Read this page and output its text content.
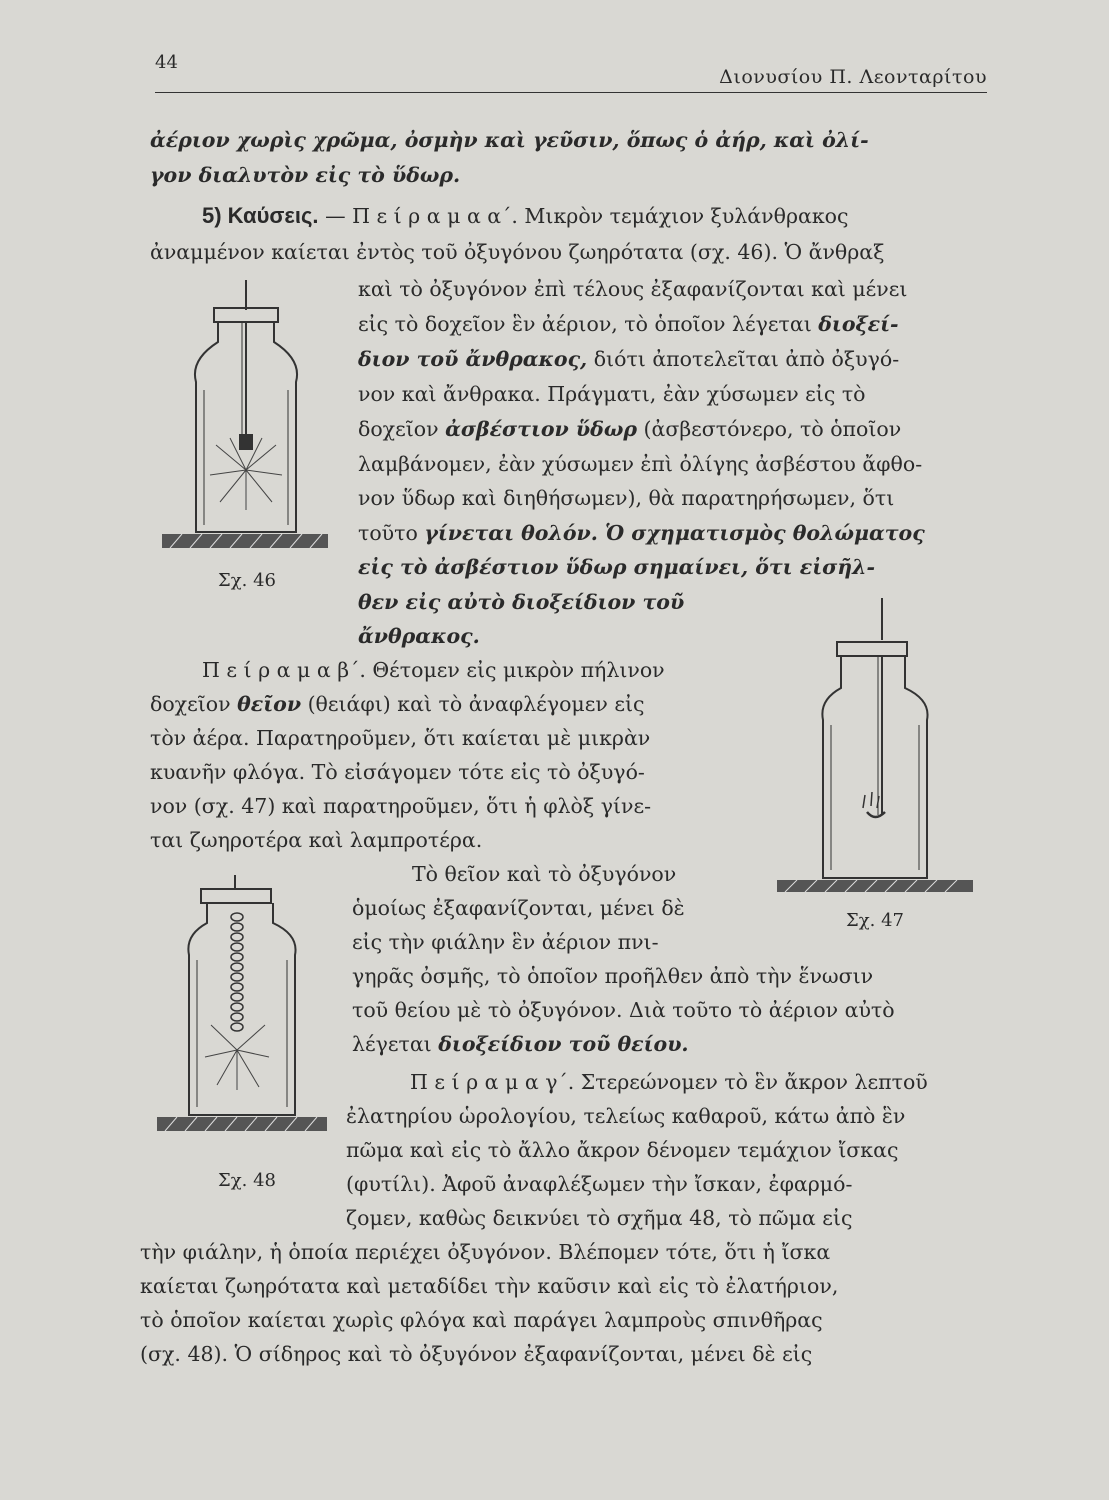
44
Διονυσίου Π. Λεονταρίτου
ἀέριον χωρὶς χρῶμα, ὀσμὴν καὶ γεῦσιν, ὅπως ὁ ἀήρ, καὶ ὀλί-
γον διαλυτὸν εἰς τὸ ὕδωρ.
5) Καύσεις. — Π ε ί ρ α μ α α΄. Μικρὸν τεμάχιον ξυλάνθρακος
ἀναμμένον καίεται ἐντὸς τοῦ ὀξυγόνου ζωηρότατα (σχ. 46). Ὁ ἄνθραξ
καὶ τὸ ὀξυγόνον ἐπὶ τέλους ἐξαφανίζονται καὶ μένει
εἰς τὸ δοχεῖον ἓν ἀέριον, τὸ ὁποῖον λέγεται διοξεί-
διον τοῦ ἄνθρακος, διότι ἀποτελεῖται ἀπὸ ὀξυγό-
νον καὶ ἄνθρακα. Πράγματι, ἐὰν χύσωμεν εἰς τὸ
δοχεῖον ἀσβέστιον ὕδωρ (ἀσβεστόνερο, τὸ ὁποῖον
λαμβάνομεν, ἐὰν χύσωμεν ἐπὶ ὀλίγης ἀσβέστου ἄφθο-
νον ὕδωρ καὶ διηθήσωμεν), θὰ παρατηρήσωμεν, ὅτι
τοῦτο γίνεται θολόν. Ὁ σχηματισμὸς θολώματος
εἰς τὸ ἀσβέστιον ὕδωρ σημαίνει, ὅτι εἰσῆλ-
θεν εἰς αὐτὸ διοξείδιον τοῦ
ἄνθρακος.
Π ε ί ρ α μ α β΄. Θέτομεν εἰς μικρὸν πήλινον
δοχεῖον θεῖον (θειάφι) καὶ τὸ ἀναφλέγομεν εἰς
τὸν ἀέρα. Παρατηροῦμεν, ὅτι καίεται μὲ μικρὰν
κυανῆν φλόγα. Τὸ εἰσάγομεν τότε εἰς τὸ ὀξυγό-
νον (σχ. 47) καὶ παρατηροῦμεν, ὅτι ἡ φλὸξ γίνε-
ται ζωηροτέρα καὶ λαμπροτέρα.
Τὸ θεῖον καὶ τὸ ὀξυγόνον
ὁμοίως ἐξαφανίζονται, μένει δὲ
εἰς τὴν φιάλην ἓν ἀέριον πνι-
γηρᾶς ὀσμῆς, τὸ ὁποῖον προῆλθεν ἀπὸ τὴν ἕνωσιν
τοῦ θείου μὲ τὸ ὀξυγόνον. Διὰ τοῦτο τὸ ἀέριον αὐτὸ
λέγεται διοξείδιον τοῦ θείου.
Π ε ί ρ α μ α γ΄. Στερεώνομεν τὸ ἓν ἄκρον λεπτοῦ
ἐλατηρίου ὡρολογίου, τελείως καθαροῦ, κάτω ἀπὸ ἓν
πῶμα καὶ εἰς τὸ ἄλλο ἄκρον δένομεν τεμάχιον ἴσκας
(φυτίλι). Ἀφοῦ ἀναφλέξωμεν τὴν ἴσκαν, ἐφαρμό-
ζομεν, καθὼς δεικνύει τὸ σχῆμα 48, τὸ πῶμα εἰς
τὴν φιάλην, ἡ ὁποία περιέχει ὀξυγόνον. Βλέπομεν τότε, ὅτι ἡ ἴσκα
καίεται ζωηρότατα καὶ μεταδίδει τὴν καῦσιν καὶ εἰς τὸ ἐλατήριον,
τὸ ὁποῖον καίεται χωρὶς φλόγα καὶ παράγει λαμπροὺς σπινθῆρας
(σχ. 48). Ὁ σίδηρος καὶ τὸ ὀξυγόνον ἐξαφανίζονται, μένει δὲ εἰς
Σχ. 46
Σχ. 47
Σχ. 48
